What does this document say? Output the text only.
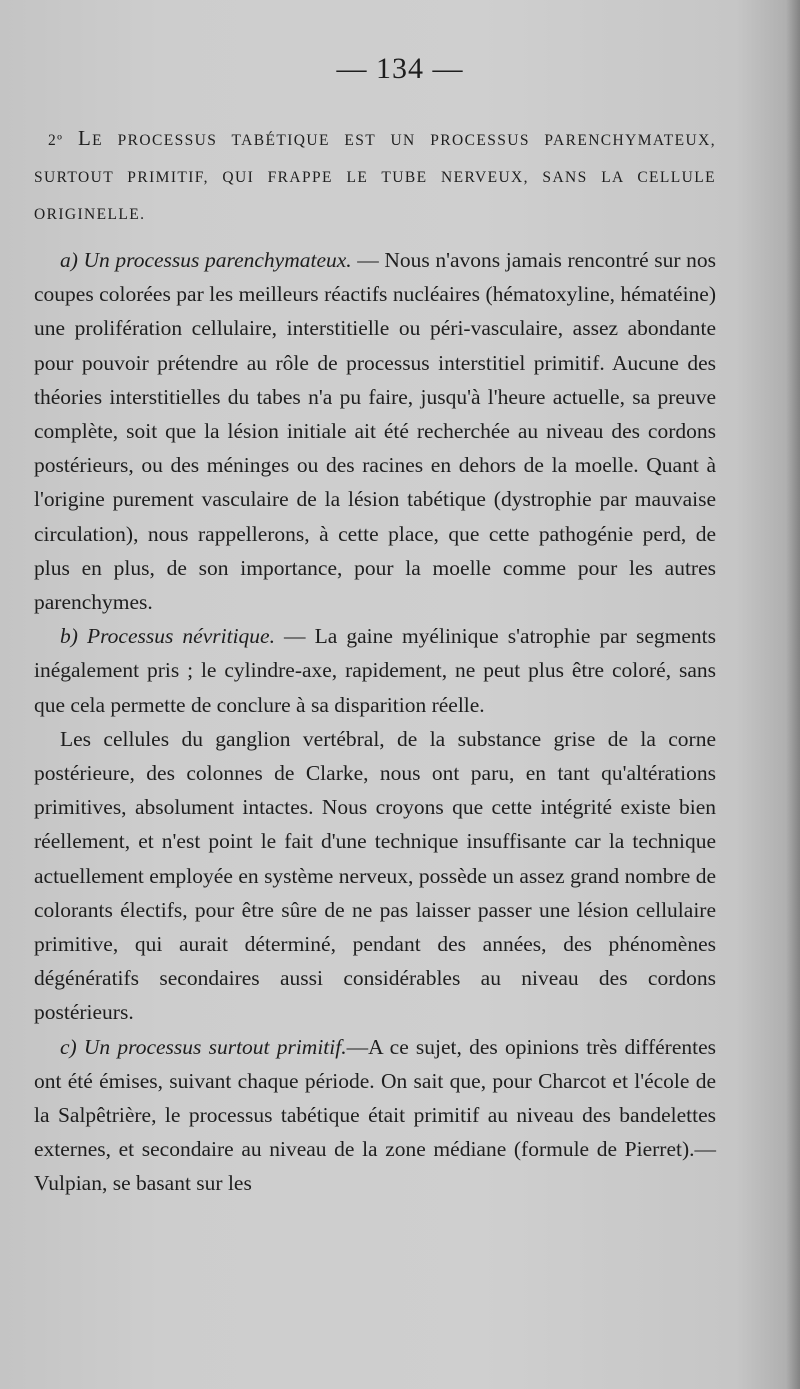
— 134 —

2º LE PROCESSUS TABÉTIQUE EST UN PROCESSUS PARENCHYMATEUX, SURTOUT PRIMITIF, QUI FRAPPE LE TUBE NERVEUX, SANS LA CELLULE ORIGINELLE.

a) Un processus parenchymateux. — Nous n'avons jamais rencontré sur nos coupes colorées par les meilleurs réactifs nucléaires (hématoxyline, hématéine) une prolifération cellulaire, interstitielle ou péri-vasculaire, assez abondante pour pouvoir prétendre au rôle de processus interstitiel primitif. Aucune des théories interstitielles du tabes n'a pu faire, jusqu'à l'heure actuelle, sa preuve complète, soit que la lésion initiale ait été recherchée au niveau des cordons postérieurs, ou des méninges ou des racines en dehors de la moelle. Quant à l'origine purement vasculaire de la lésion tabétique (dystrophie par mauvaise circulation), nous rappellerons, à cette place, que cette pathogénie perd, de plus en plus, de son importance, pour la moelle comme pour les autres parenchymes.

b) Processus névritique. — La gaine myélinique s'atrophie par segments inégalement pris ; le cylindre-axe, rapidement, ne peut plus être coloré, sans que cela permette de conclure à sa disparition réelle.

Les cellules du ganglion vertébral, de la substance grise de la corne postérieure, des colonnes de Clarke, nous ont paru, en tant qu'altérations primitives, absolument intactes. Nous croyons que cette intégrité existe bien réellement, et n'est point le fait d'une technique insuffisante car la technique actuellement employée en système nerveux, possède un assez grand nombre de colorants électifs, pour être sûre de ne pas laisser passer une lésion cellulaire primitive, qui aurait déterminé, pendant des années, des phénomènes dégénératifs secondaires aussi considérables au niveau des cordons postérieurs.

c) Un processus surtout primitif.—A ce sujet, des opinions très différentes ont été émises, suivant chaque période. On sait que, pour Charcot et l'école de la Salpêtrière, le processus tabétique était primitif au niveau des bandelettes externes, et secondaire au niveau de la zone médiane (formule de Pierret).— Vulpian, se basant sur les
